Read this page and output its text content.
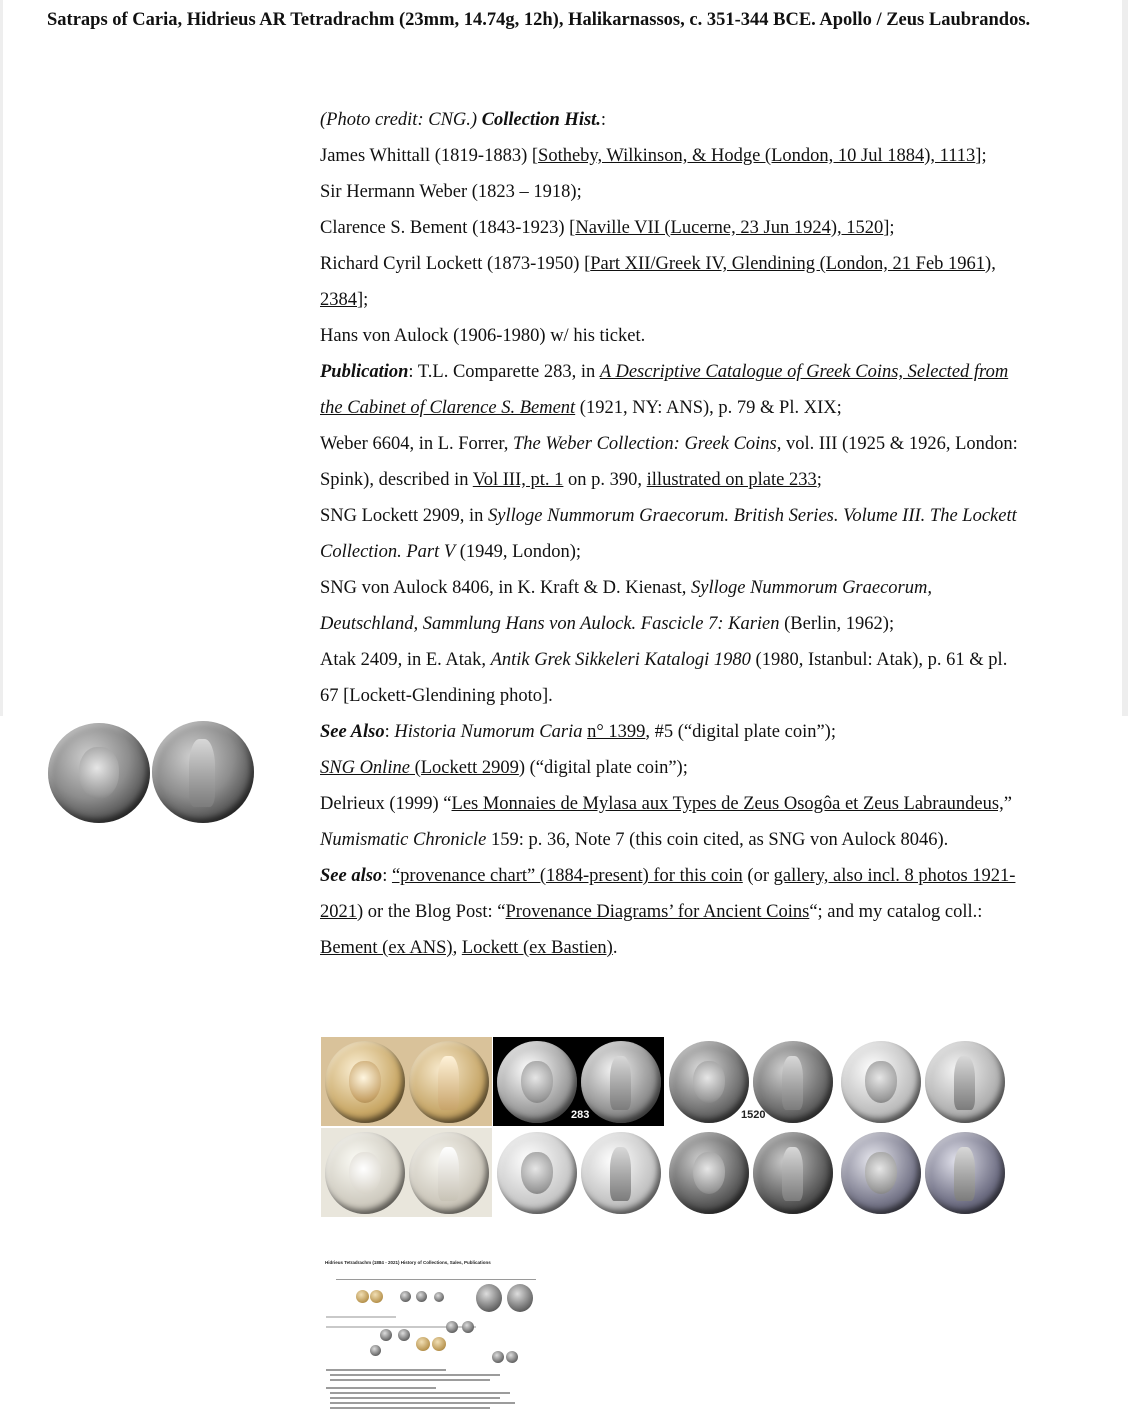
Satraps of Caria, Hidrieus AR Tetradrachm (23mm, 14.74g, 12h), Halikarnassos, c. 351-344 BCE. Apollo / Zeus Laubrandos.

(Photo credit: CNG.) Collection Hist.:

James Whittall (1819-1883) [Sotheby, Wilkinson, & Hodge (London, 10 Jul 1884), 1113];

Sir Hermann Weber (1823 – 1918);

Clarence S. Bement (1843-1923) [Naville VII (Lucerne, 23 Jun 1924), 1520];

Richard Cyril Lockett (1873-1950) [Part XII/Greek IV, Glendining (London, 21 Feb 1961), 2384];

Hans von Aulock (1906-1980) w/ his ticket.

Publication: T.L. Comparette 283, in A Descriptive Catalogue of Greek Coins, Selected from the Cabinet of Clarence S. Bement (1921, NY: ANS), p. 79 & Pl. XIX;

Weber 6604, in L. Forrer, The Weber Collection: Greek Coins, vol. III (1925 & 1926, London: Spink), described in Vol III, pt. 1 on p. 390, illustrated on plate 233;

SNG Lockett 2909, in Sylloge Nummorum Graecorum. British Series. Volume III. The Lockett Collection. Part V (1949, London);

SNG von Aulock 8406, in K. Kraft & D. Kienast, Sylloge Nummorum Graecorum, Deutschland, Sammlung Hans von Aulock. Fascicle 7: Karien (Berlin, 1962);

Atak 2409, in E. Atak, Antik Grek Sikkeleri Katalogi 1980 (1980, Istanbul: Atak), p. 61 & pl. 67 [Lockett-Glendining photo].

See Also: Historia Numorum Caria n° 1399, #5 (“digital plate coin”);

SNG Online (Lockett 2909) (“digital plate coin”);

Delrieux (1999) “Les Monnaies de Mylasa aux Types de Zeus Osogôa et Zeus Labraundeus,” Numismatic Chronicle 159: p. 36, Note 7 (this coin cited, as SNG von Aulock 8046).

See also: “provenance chart” (1884-present) for this coin (or gallery, also incl. 8 photos 1921-2021) or the Blog Post: “Provenance Diagrams’ for Ancient Coins“; and my catalog coll.: Bement (ex ANS), Lockett (ex Bastien).

283	1520
Hidrieus Tetradrachm (1884 - 2021) History of Collections, Sales, Publications
